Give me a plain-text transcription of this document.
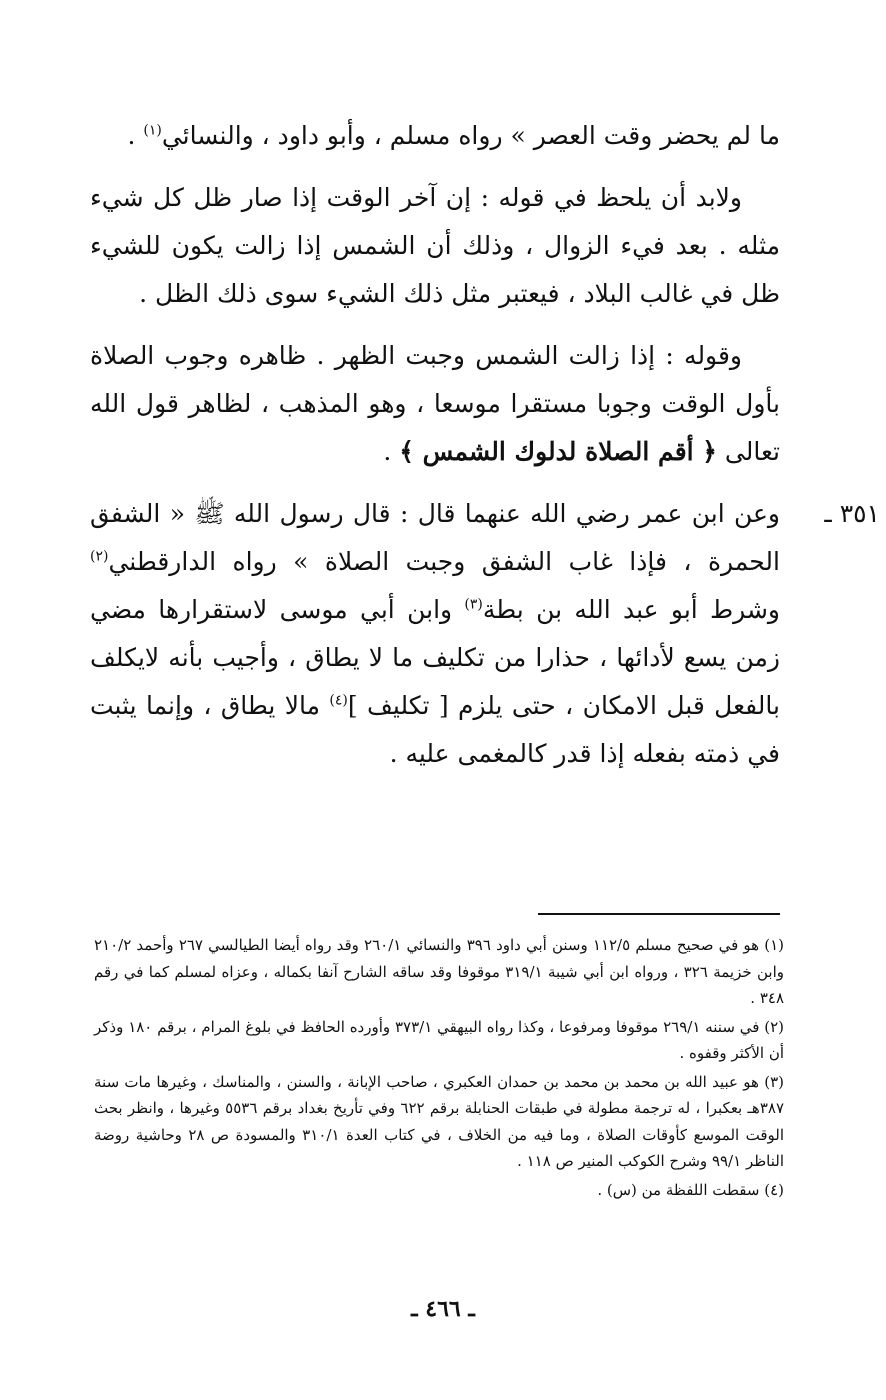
ما لم يحضر وقت العصر » رواه مسلم ، وأبو داود ، والنسائي$^{(١)}$ .

ولابد أن يلحظ في قوله : إن آخر الوقت إذا صار ظل كل شيء مثله . بعد فيء الزوال ، وذلك أن الشمس إذا زالت يكون للشيء ظل في غالب البلاد ، فيعتبر مثل ذلك الشيء سوى ذلك الظل .

وقوله : إذا زالت الشمس وجبت الظهر . ظاهره وجوب الصلاة بأول الوقت وجوبا مستقرا موسعا ، وهو المذهب ، لظاهر قول الله تعالى ﴿ أقم الصلاة لدلوك الشمس ﴾ .

٣٥١ ـ

وعن ابن عمر رضي الله عنهما قال : قال رسول الله ﷺ « الشفق الحمرة ، فإذا غاب الشفق وجبت الصلاة » رواه الدارقطني$^{(٢)}$ وشرط أبو عبد الله بن بطة$^{(٣)}$ وابن أبي موسى لاستقرارها مضي زمن يسع لأدائها ، حذارا من تكليف ما لا يطاق ، وأجيب بأنه لايكلف بالفعل قبل الامكان ، حتى يلزم [ تكليف ]$^{(٤)}$ مالا يطاق ، وإنما يثبت في ذمته بفعله إذا قدر كالمغمى عليه .

(١) هو في صحيح مسلم ١١٢/٥ وسنن أبي داود ٣٩٦ والنسائي ٢٦٠/١ وقد رواه أيضا الطيالسي ٢٦٧ وأحمد ٢١٠/٢ وابن خزيمة ٣٢٦ ، ورواه ابن أبي شيبة ٣١٩/١ موقوفا وقد ساقه الشارح آنفا بكماله ، وعزاه لمسلم كما في رقم ٣٤٨ .

(٢) في سننه ٢٦٩/١ موقوفا ومرفوعا ، وكذا رواه البيهقي ٣٧٣/١ وأورده الحافظ في بلوغ المرام ، برقم ١٨٠ وذكر أن الأكثر وقفوه .

(٣) هو عبيد الله بن محمد بن محمد بن حمدان العكبري ، صاحب الإبانة ، والسنن ، والمناسك ، وغيرها مات سنة ٣٨٧هـ بعكبرا ، له ترجمة مطولة في طبقات الحنابلة برقم ٦٢٢ وفي تأريخ بغداد برقم ٥٥٣٦ وغيرها ، وانظر بحث الوقت الموسع كأوقات الصلاة ، وما فيه من الخلاف ، في كتاب العدة ٣١٠/١ والمسودة ص ٢٨ وحاشية روضة الناظر ٩٩/١ وشرح الكوكب المنير ص ١١٨ .

(٤) سقطت اللفظة من (س) .

ـ ٤٦٦ ـ
